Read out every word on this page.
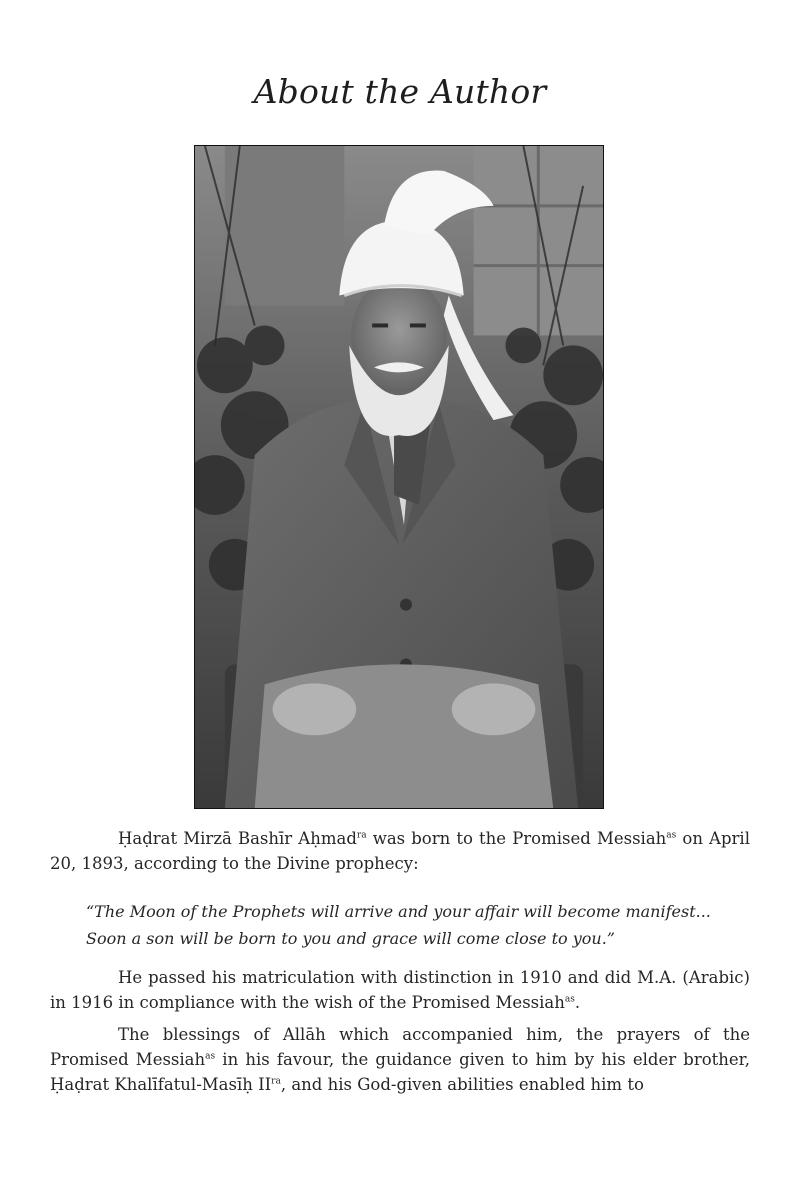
About the Author
Ḥaḍrat Mirzā Bashīr Aḥmad$^{ra}$ was born to the Promised Messiah$^{as}$ on April 20, 1893, according to the Divine prophecy:
“The Moon of the Prophets will arrive and your affair will become manifest...
Soon a son will be born to you and grace will come close to you.”
He passed his matriculation with distinction in 1910 and did M.A. (Arabic) in 1916 in compliance with the wish of the Promised Messiah$^{as}$.
The blessings of Allāh which accompanied him, the prayers of the Promised Messiah$^{as}$ in his favour, the guidance given to him by his elder brother, Ḥaḍrat Khalīfatul-Masīḥ $II^{ra}$, and his God-given abilities enabled him to
